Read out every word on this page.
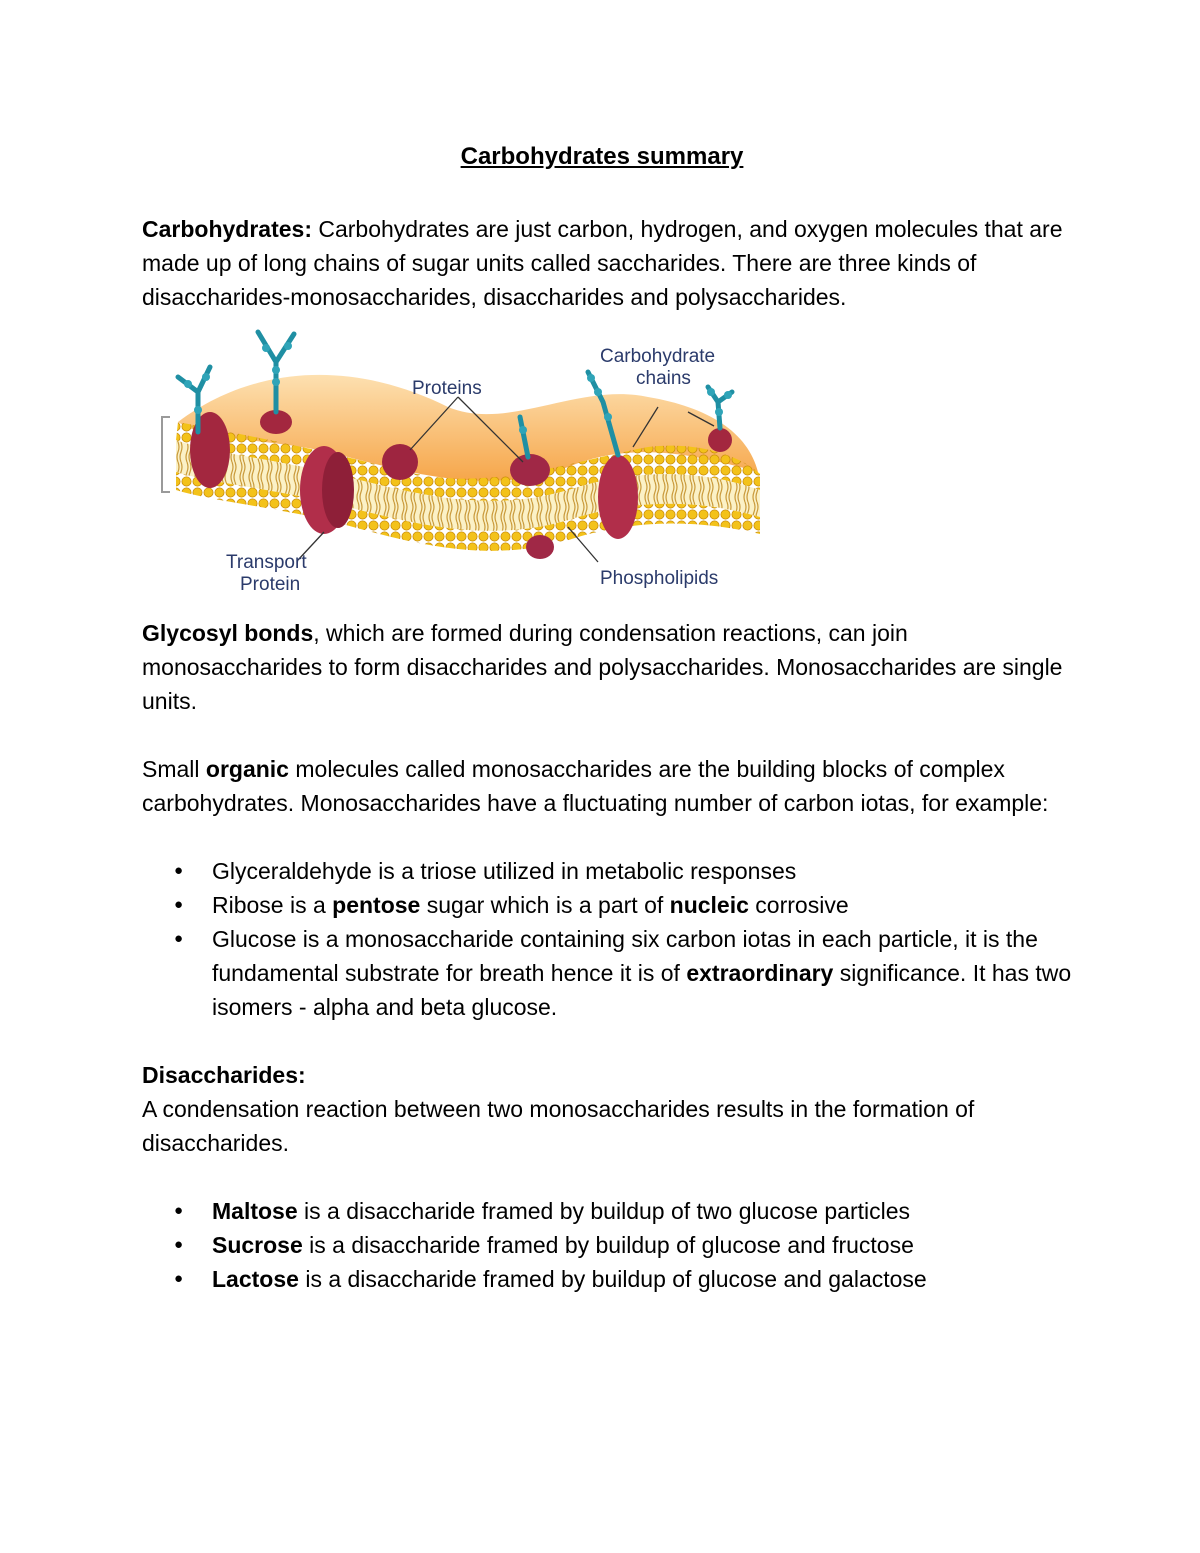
Carbohydrates summary

Carbohydrates: Carbohydrates are just carbon, hydrogen, and oxygen molecules that are made up of long chains of sugar units called saccharides. There are three kinds of disaccharides-monosaccharides, disaccharides and polysaccharides.

Proteins
Carbohydrate
chains
Transport
Protein	Phospholipids

Glycosyl bonds, which are formed during condensation reactions, can join monosaccharides to form disaccharides and polysaccharides. Monosaccharides are single units.

Small organic molecules called monosaccharides are the building blocks of complex carbohydrates. Monosaccharides have a fluctuating number of carbon iotas, for example:

● Glyceraldehyde is a triose utilized in metabolic responses
● Ribose is a pentose sugar which is a part of nucleic corrosive
● Glucose is a monosaccharide containing six carbon iotas in each particle, it is the fundamental substrate for breath hence it is of extraordinary significance. It has two isomers - alpha and beta glucose.

Disaccharides:

A condensation reaction between two monosaccharides results in the formation of disaccharides.

● Maltose is a disaccharide framed by buildup of two glucose particles
● Sucrose is a disaccharide framed by buildup of glucose and fructose
● Lactose is a disaccharide framed by buildup of glucose and galactose
